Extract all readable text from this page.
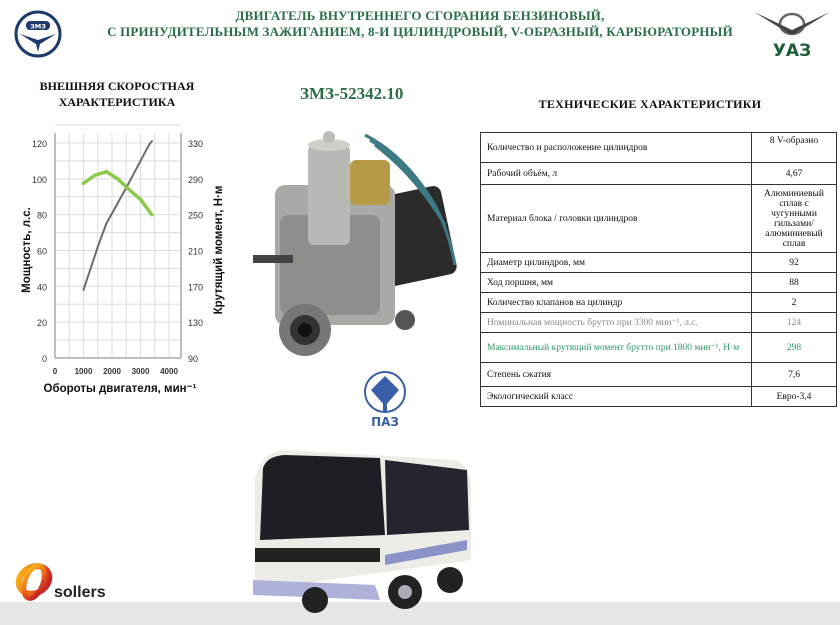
ЗМЗ
ДВИГАТЕЛЬ ВНУТРЕННЕГО СГОРАНИЯ БЕНЗИНОВЫЙ,
С ПРИНУДИТЕЛЬНЫМ ЗАЖИГАНИЕМ, 8-И ЦИЛИНДРОВЫЙ, V-ОБРАЗНЫЙ, КАРБЮРАТОРНЫЙ
УАЗ
ВНЕШНЯЯ СКОРОСТНАЯ
ХАРАКТЕРИСТИКА	ЗМЗ-52342.10
ТЕХНИЧЕСКИЕ ХАРАКТЕРИСТИКИ
0
20
40
60
80
100
120
90
130
170
210
250
290
330
0 1000 2000 3000 4000
Обороты двигателя, мин⁻¹
Мощность, л.с.	Крутящий момент, Н·м
Количество и расположение цилиндров	8 V-образно
Рабочий объём, л	4,67
Материал блока / головки цилиндров	Алюминиевый сплав с чугунными гильзами/ алюминиевый сплав
Диаметр цилиндров, мм	92
Ход поршня, мм	88
Количество клапанов на цилиндр	2
Номинальная мощность брутто при 3300 мин⁻¹, л.с.	124
Максимальный крутящий момент брутто при 1800 мин⁻¹, Н·м	298
Степень сжатия	7,6
Экологический класс	Евро-3,4
ПАЗ
sollers
